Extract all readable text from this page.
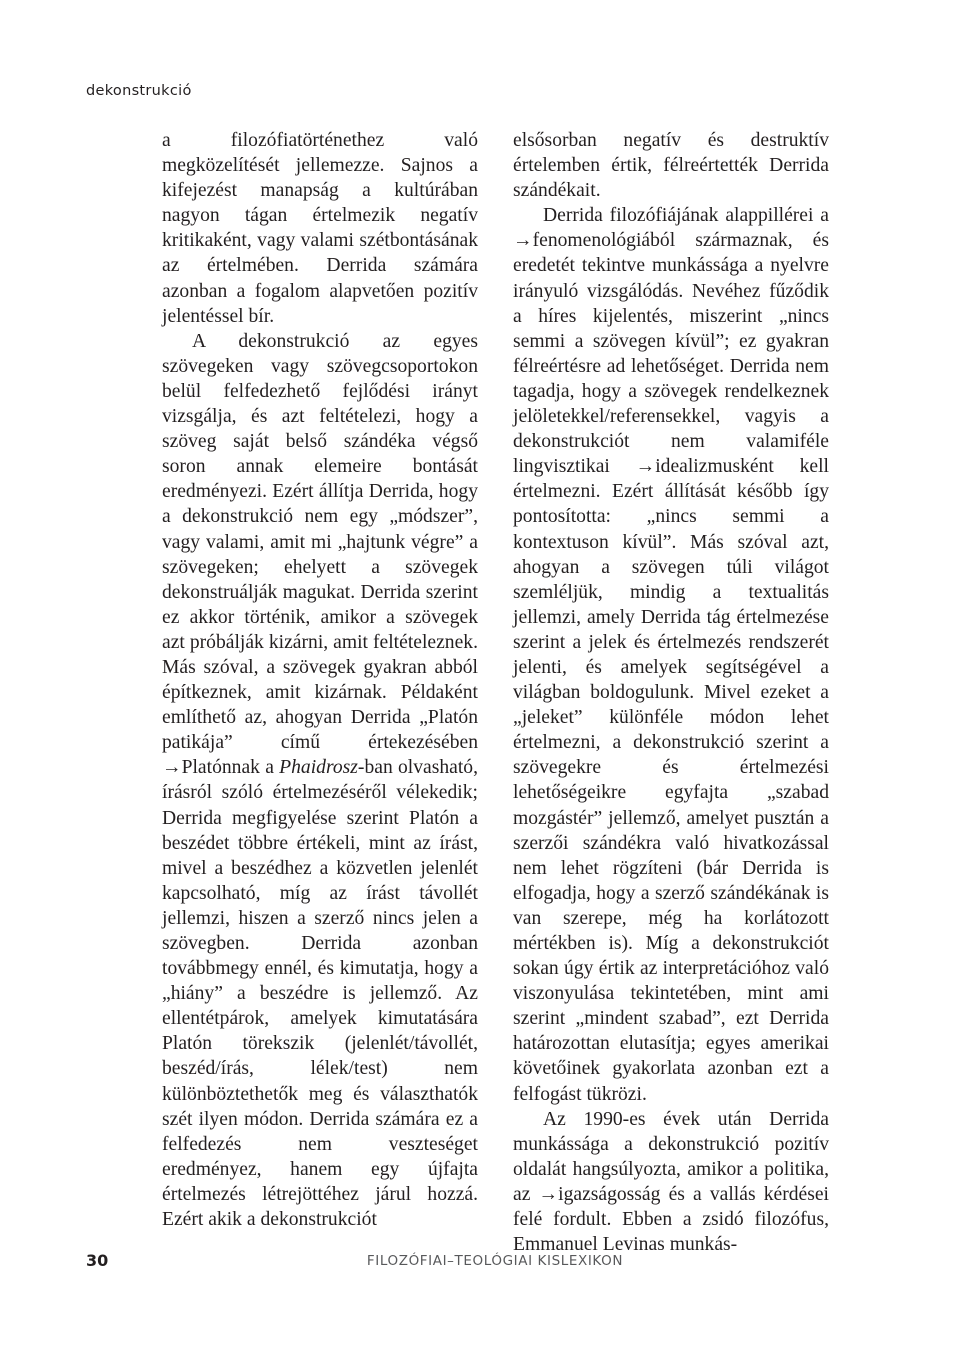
dekonstrukció

a filozófiatörténethez való megközelítését jellemezze. Sajnos a kifejezést manapság a kultúrában nagyon tágan értelmezik negatív kritikaként, vagy valami szétbontásának az értelmében. Derrida számára azonban a fogalom alapvetően pozitív jelentéssel bír.

A dekonstrukció az egyes szövegeken vagy szövegcsoportokon belül felfedezhető fejlődési irányt vizsgálja, és azt feltételezi, hogy a szöveg saját belső szándéka végső soron annak elemeire bontását eredményezi. Ezért állítja Derrida, hogy a dekonstrukció nem egy „módszer”, vagy valami, amit mi „hajtunk végre” a szövegeken; ehelyett a szövegek dekonstruálják magukat. Derrida szerint ez akkor történik, amikor a szövegek azt próbálják kizárni, amit feltételeznek. Más szóval, a szövegek gyakran abból építkeznek, amit kizárnak. Példaként említhető az, ahogyan Derrida „Platón patikája” című értekezésében →Platónnak a Phaidrosz-ban olvasható, írásról szóló értelmezéséről vélekedik; Derrida megfigyelése szerint Platón a beszédet többre értékeli, mint az írást, mivel a beszédhez a közvetlen jelenlét kapcsolható, míg az írást távollét jellemzi, hiszen a szerző nincs jelen a szövegben. Derrida azonban továbbmegy ennél, és kimutatja, hogy a „hiány” a beszédre is jellemző. Az ellentétpárok, amelyek kimutatására Platón törekszik (jelenlét/távollét, beszéd/írás, lélek/test) nem különböztethetők meg és választhatók szét ilyen módon. Derrida számára ez a felfedezés nem veszteséget eredményez, hanem egy újfajta értelmezés létrejöttéhez járul hozzá. Ezért akik a dekonstrukciót

elsősorban negatív és destruktív értelemben értik, félreértették Derrida szándékait.

Derrida filozófiájának alappillérei a →fenomenológiából származnak, és eredetét tekintve munkássága a nyelvre irányuló vizsgálódás. Nevéhez fűződik a híres kijelentés, miszerint „nincs semmi a szövegen kívül”; ez gyakran félreértésre ad lehetőséget. Derrida nem tagadja, hogy a szövegek rendelkeznek jelöletekkel/referensekkel, vagyis a dekonstrukciót nem valamiféle lingvisztikai →idealizmusként kell értelmezni. Ezért állítását később így pontosította: „nincs semmi a kontextuson kívül”. Más szóval azt, ahogyan a szövegen túli világot szemléljük, mindig a textualitás jellemzi, amely Derrida tág értelmezése szerint a jelek és értelmezés rendszerét jelenti, és amelyek segítségével a világban boldogulunk. Mivel ezeket a „jeleket” különféle módon lehet értelmezni, a dekonstrukció szerint a szövegekre és értelmezési lehetőségeikre egyfajta „szabad mozgástér” jellemző, amelyet pusztán a szerzői szándékra való hivatkozással nem lehet rögzíteni (bár Derrida is elfogadja, hogy a szerző szándékának is van szerepe, még ha korlátozott mértékben is). Míg a dekonstrukciót sokan úgy értik az interpretációhoz való viszonyulása tekintetében, mint ami szerint „mindent szabad”, ezt Derrida határozottan elutasítja; egyes amerikai követőinek gyakorlata azonban ezt a felfogást tükrözi.

Az 1990-es évek után Derrida munkássága a dekonstrukció pozitív oldalát hangsúlyozta, amikor a politika, az →igazságosság és a vallás kérdései felé fordult. Ebben a zsidó filozófus, Emmanuel Levinas munkás-

30	FILOZÓFIAI–TEOLÓGIAI KISLEXIKON
